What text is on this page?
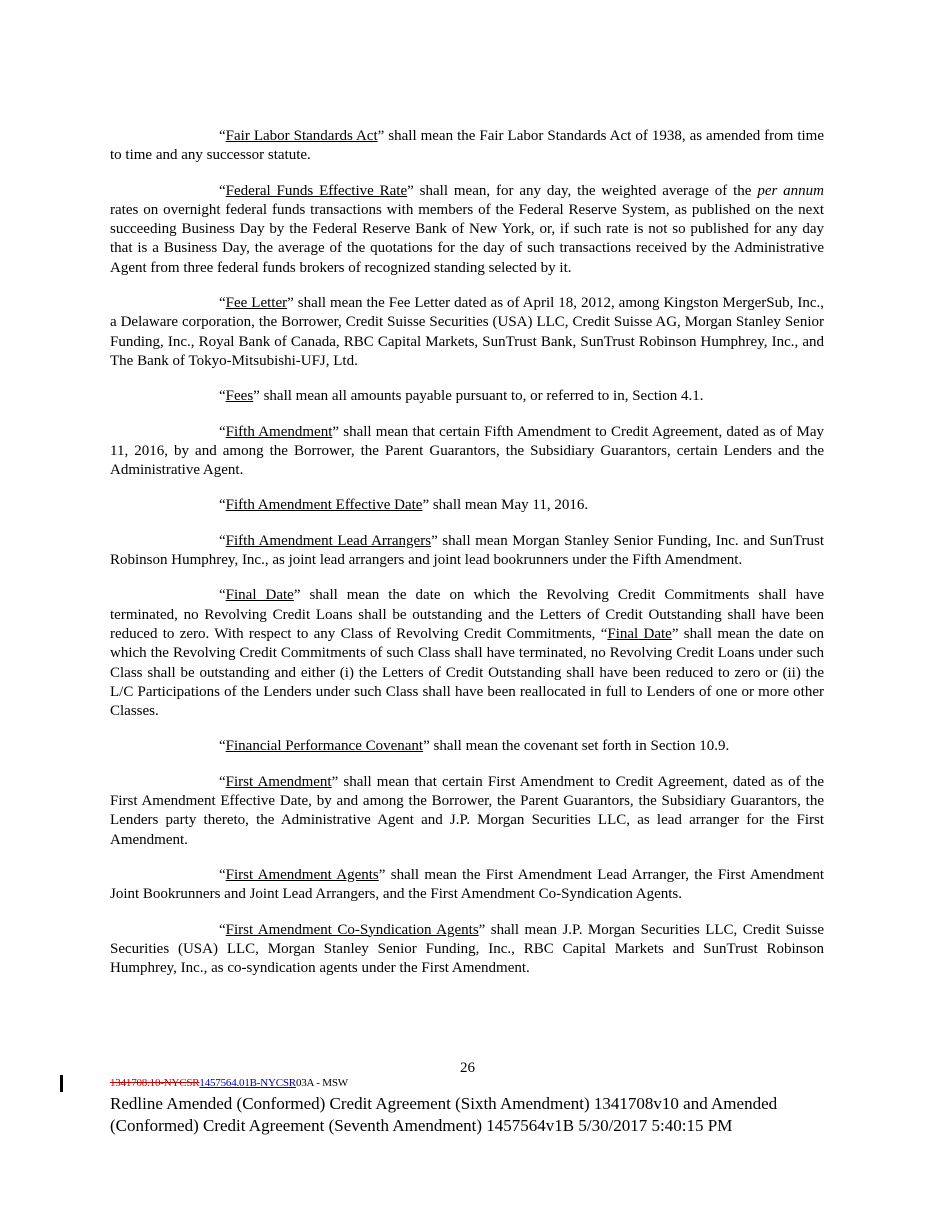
“Fair Labor Standards Act” shall mean the Fair Labor Standards Act of 1938, as amended from time to time and any successor statute.

“Federal Funds Effective Rate” shall mean, for any day, the weighted average of the per annum rates on overnight federal funds transactions with members of the Federal Reserve System, as published on the next succeeding Business Day by the Federal Reserve Bank of New York, or, if such rate is not so published for any day that is a Business Day, the average of the quotations for the day of such transactions received by the Administrative Agent from three federal funds brokers of recognized standing selected by it.

“Fee Letter” shall mean the Fee Letter dated as of April 18, 2012, among Kingston MergerSub, Inc., a Delaware corporation, the Borrower, Credit Suisse Securities (USA) LLC, Credit Suisse AG, Morgan Stanley Senior Funding, Inc., Royal Bank of Canada, RBC Capital Markets, SunTrust Bank, SunTrust Robinson Humphrey, Inc., and The Bank of Tokyo-Mitsubishi-UFJ, Ltd.

“Fees” shall mean all amounts payable pursuant to, or referred to in, Section 4.1.

“Fifth Amendment” shall mean that certain Fifth Amendment to Credit Agreement, dated as of May 11, 2016, by and among the Borrower, the Parent Guarantors, the Subsidiary Guarantors, certain Lenders and the Administrative Agent.

“Fifth Amendment Effective Date” shall mean May 11, 2016.

“Fifth Amendment Lead Arrangers” shall mean Morgan Stanley Senior Funding, Inc. and SunTrust Robinson Humphrey, Inc., as joint lead arrangers and joint lead bookrunners under the Fifth Amendment.

“Final Date” shall mean the date on which the Revolving Credit Commitments shall have terminated, no Revolving Credit Loans shall be outstanding and the Letters of Credit Outstanding shall have been reduced to zero. With respect to any Class of Revolving Credit Commitments, “Final Date” shall mean the date on which the Revolving Credit Commitments of such Class shall have terminated, no Revolving Credit Loans under such Class shall be outstanding and either (i) the Letters of Credit Outstanding shall have been reduced to zero or (ii) the L/C Participations of the Lenders under such Class shall have been reallocated in full to Lenders of one or more other Classes.

“Financial Performance Covenant” shall mean the covenant set forth in Section 10.9.

“First Amendment” shall mean that certain First Amendment to Credit Agreement, dated as of the First Amendment Effective Date, by and among the Borrower, the Parent Guarantors, the Subsidiary Guarantors, the Lenders party thereto, the Administrative Agent and J.P. Morgan Securities LLC, as lead arranger for the First Amendment.

“First Amendment Agents” shall mean the First Amendment Lead Arranger, the First Amendment Joint Bookrunners and Joint Lead Arrangers, and the First Amendment Co-Syndication Agents.

“First Amendment Co-Syndication Agents” shall mean J.P. Morgan Securities LLC, Credit Suisse Securities (USA) LLC, Morgan Stanley Senior Funding, Inc., RBC Capital Markets and SunTrust Robinson Humphrey, Inc., as co-syndication agents under the First Amendment.

26
1341708.10-NYCSR1457564.01B-NYCSR03A - MSW
Redline Amended (Conformed) Credit Agreement (Sixth Amendment) 1341708v10 and Amended (Conformed) Credit Agreement (Seventh Amendment) 1457564v1B 5/30/2017 5:40:15 PM
